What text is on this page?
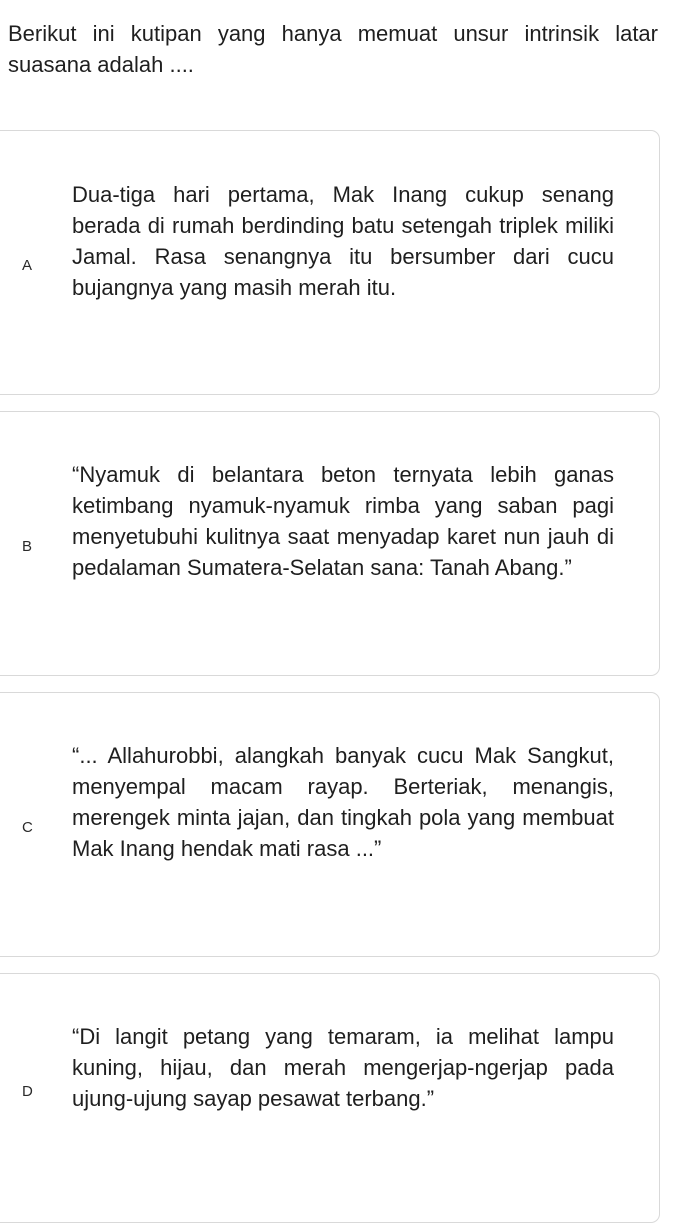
Berikut ini kutipan yang hanya memuat unsur intrinsik latar suasana adalah ....

A
Dua-tiga hari pertama, Mak Inang cukup senang berada di rumah berdinding batu setengah triplek miliki Jamal. Rasa senangnya itu bersumber dari cucu bujangnya yang masih merah itu.
B
“Nyamuk di belantara beton ternyata lebih ganas ketimbang nyamuk-nyamuk rimba yang saban pagi menyetubuhi kulitnya saat menyadap karet nun jauh di pedalaman Sumatera-Selatan sana: Tanah Abang.”
C
“... Allahurobbi, alangkah banyak cucu Mak Sangkut, menyempal macam rayap. Berteriak, menangis, merengek minta jajan, dan tingkah pola yang membuat Mak Inang hendak mati rasa ...”
D
“Di langit petang yang temaram, ia melihat lampu kuning, hijau, dan merah mengerjap-ngerjap pada ujung-ujung sayap pesawat terbang.”
